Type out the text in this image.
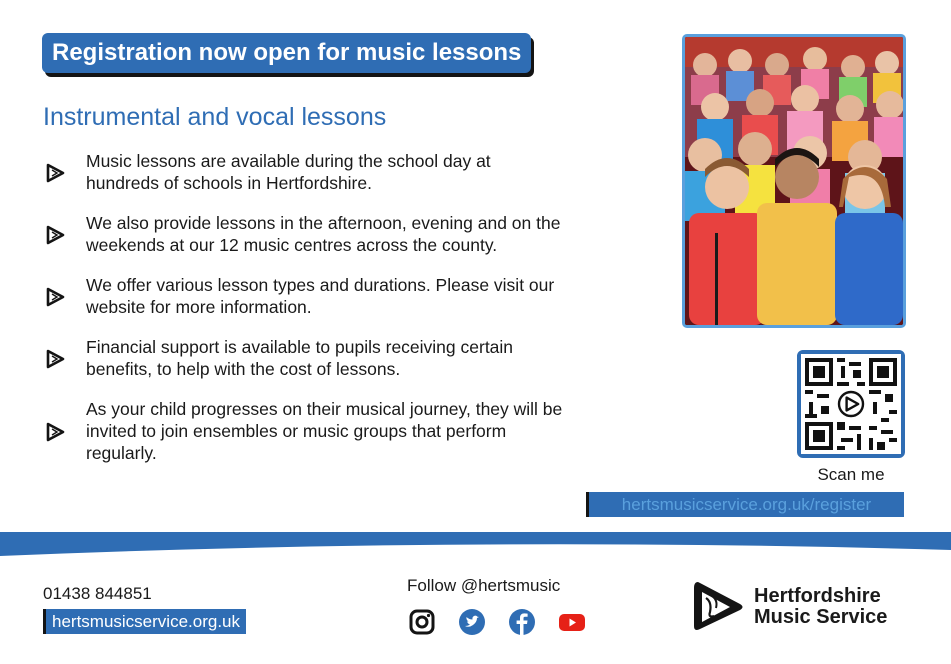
Registration now open for music lessons
Instrumental and vocal lessons
Music lessons are available during the school day at hundreds of schools in Hertfordshire.
We also provide lessons in the afternoon, evening and on the weekends at our 12 music centres across the county.
We offer various lesson types and durations. Please visit our website for more information.
Financial support is available to pupils receiving certain benefits, to help with the cost of lessons.
As your child progresses on their musical journey, they will be invited to join ensembles or music groups that perform regularly.
Scan me
hertsmusicservice.org.uk/register
01438 844851
hertsmusicservice.org.uk
Follow @hertsmusic	Hertfordshire
Music Service
